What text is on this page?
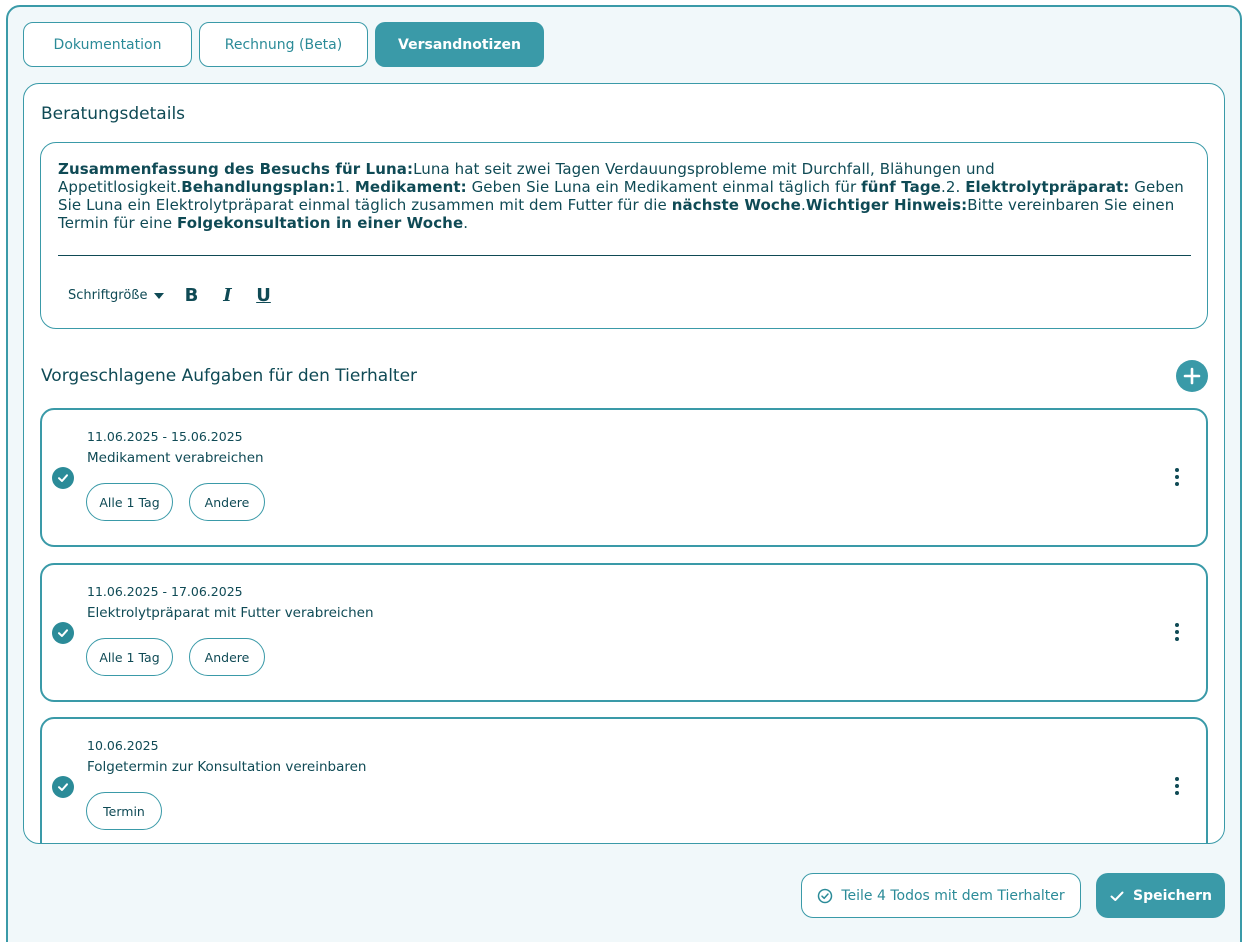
Dokumentation	Rechnung (Beta)	Versandnotizen
Beratungsdetails
Zusammenfassung des Besuchs für Luna:Luna hat seit zwei Tagen Verdauungsprobleme mit Durchfall, Blähungen und Appetitlosigkeit.Behandlungsplan:1. Medikament: Geben Sie Luna ein Medikament einmal täglich für fünf Tage.2. Elektrolytpräparat: Geben Sie Luna ein Elektrolytpräparat einmal täglich zusammen mit dem Futter für die nächste Woche.Wichtiger Hinweis:Bitte vereinbaren Sie einen Termin für eine Folgekonsultation in einer Woche.
Schriftgröße B	I	U
Vorgeschlagene Aufgaben für den Tierhalter
11.06.2025 - 15.06.2025
Medikament verabreichen
Alle 1 Tag	Andere
11.06.2025 - 17.06.2025
Elektrolytpräparat mit Futter verabreichen
Alle 1 Tag	Andere
10.06.2025
Folgetermin zur Konsultation vereinbaren
Termin
Teile 4 Todos mit dem Tierhalter	Speichern
